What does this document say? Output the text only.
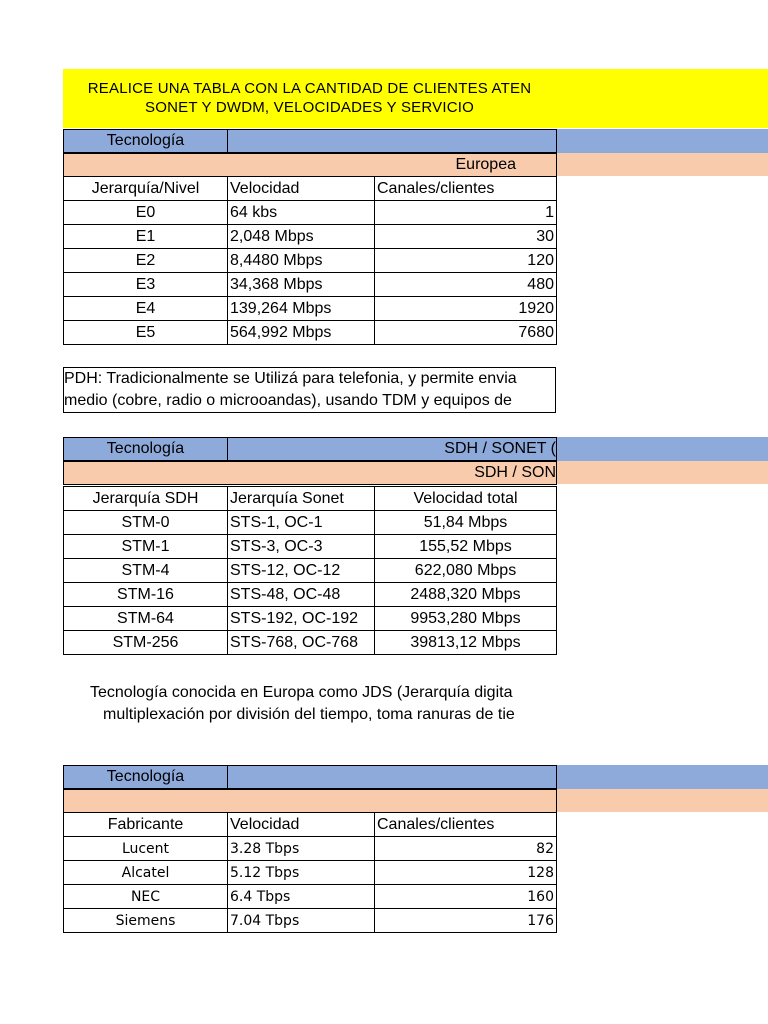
REALICE UNA TABLA CON LA CANTIDAD DE CLIENTES ATEN
SONET Y DWDM, VELOCIDADES Y SERVICIO
Tecnología
Europea
Jerarquía/Nivel	Velocidad	Canales/clientes
E0	64 kbs	1
E1	2,048 Mbps	30
E2	8,4480 Mbps	120
E3	34,368 Mbps	480
E4	139,264 Mbps	1920
E5	564,992 Mbps	7680
PDH: Tradicionalmente se Utilizá para telefonia, y permite envia
medio (cobre, radio o microoandas), usando TDM y equipos de
Tecnología	SDH / SONET (
SDH / SON
Jerarquía SDH	Jerarquía Sonet	Velocidad total
STM-0	STS-1, OC-1	51,84 Mbps
STM-1	STS-3, OC-3	155,52 Mbps
STM-4	STS-12, OC-12	622,080 Mbps
STM-16	STS-48, OC-48	2488,320 Mbps
STM-64	STS-192, OC-192	9953,280 Mbps
STM-256	STS-768, OC-768	39813,12 Mbps
Tecnología conocida en Europa como JDS (Jerarquía digita
multiplexación por división del tiempo, toma ranuras de tie
Tecnología
Fabricante	Velocidad	Canales/clientes
Lucent	3.28 Tbps	82
Alcatel	5.12 Tbps	128
NEC	6.4 Tbps	160
Siemens	7.04 Tbps	176
